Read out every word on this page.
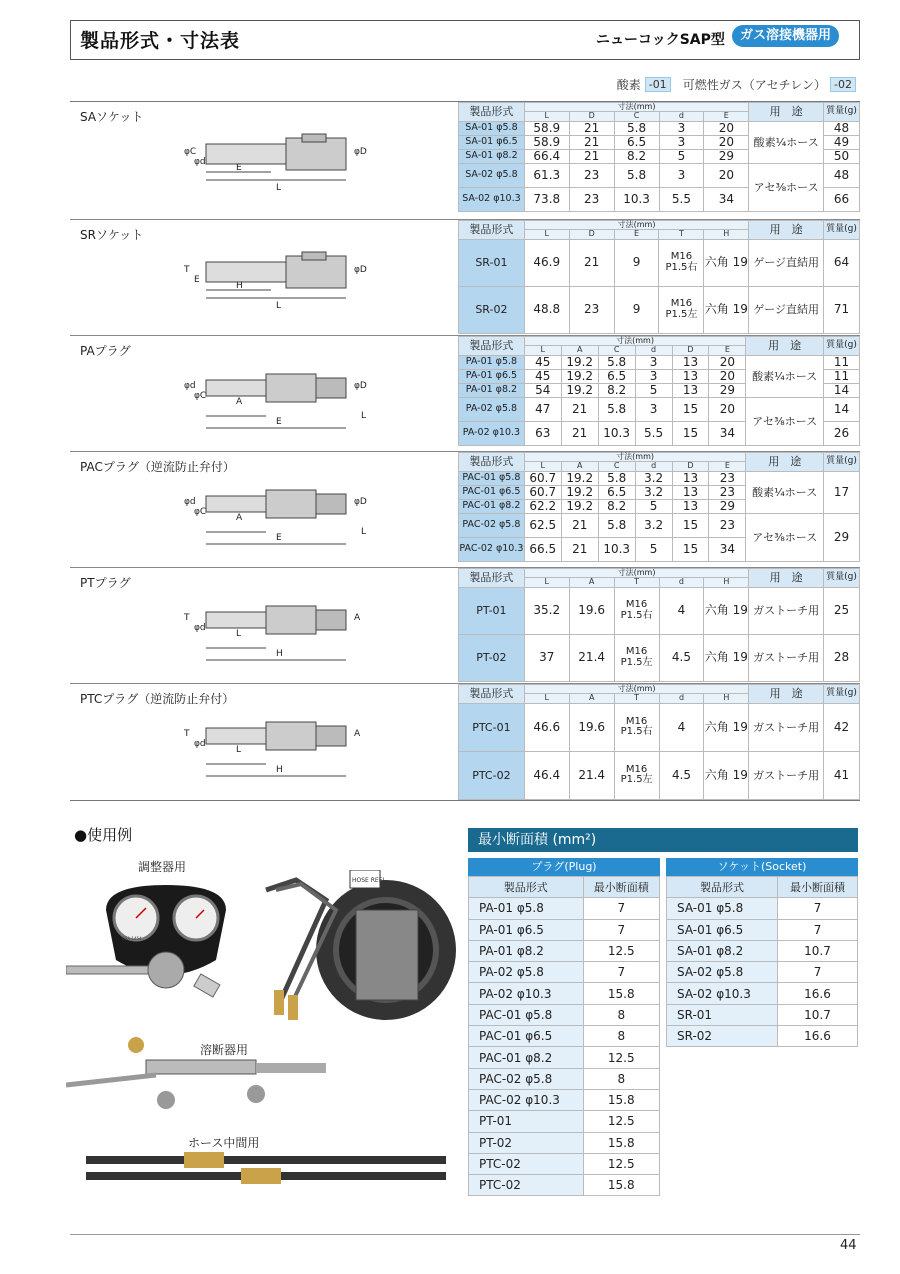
製品形式・寸法表	ニューコックSAP型	ガス溶接機器用
酸素 -01	可燃性ガス（アセチレン） -02
SAソケット
φC
φd
φD
E
L
製品形式	寸法(mm)					用　途	質量(g)
	L	D	C	d	E		
SA-01 φ5.8	58.9	21	5.8	3	20	酸素¹⁄₄ホース	48
SA-01 φ6.5	58.9	21	6.5	3	20		49
SA-01 φ8.2	66.4	21	8.2	5	29		50
SA-02 φ5.8	61.3	23	5.8	3	20	アセ³⁄₈ホース	48
SA-02 φ10.3	73.8	23	10.3	5.5	34		66
SRソケット
T
E
φD
H
L
製品形式	寸法(mm)					用　途	質量(g)
	L	D	E	T	H		
SR-01	46.9	21	9	M16
P1.5右	六角 19	ゲージ直結用	64
SR-02	48.8	23	9	M16
P1.5左	六角 19	ゲージ直結用	71
PAプラグ
φd
φC
φD
A
E
L
製品形式	寸法(mm)						用　途	質量(g)
	L	A	C	d	D	E		
PA-01 φ5.8	45	19.2	5.8	3	13	20	酸素¹⁄₄ホース	11
PA-01 φ6.5	45	19.2	6.5	3	13	20		11
PA-01 φ8.2	54	19.2	8.2	5	13	29		14
PA-02 φ5.8	47	21	5.8	3	15	20	アセ³⁄₈ホース	14
PA-02 φ10.3	63	21	10.3	5.5	15	34		26
PACプラグ（逆流防止弁付）
φd
φC
φD
A
E
L
製品形式	寸法(mm)						用　途	質量(g)
	L	A	C	d	D	E		
PAC-01 φ5.8	60.7	19.2	5.8	3.2	13	23	酸素¹⁄₄ホース	17
PAC-01 φ6.5	60.7	19.2	6.5	3.2	13	23		
PAC-01 φ8.2	62.2	19.2	8.2	5	13	29		
PAC-02 φ5.8	62.5	21	5.8	3.2	15	23	アセ³⁄₈ホース	29
PAC-02 φ10.3	66.5	21	10.3	5	15	34		
PTプラグ
T
φd
A
L
H
製品形式	寸法(mm)					用　途	質量(g)
	L	A	T	d	H		
PT-01	35.2	19.6	M16
P1.5右	4	六角 19	ガストーチ用	25
PT-02	37	21.4	M16
P1.5左	4.5	六角 19	ガストーチ用	28
PTCプラグ（逆流防止弁付）
T
φd
A
L
H
製品形式	寸法(mm)					用　途	質量(g)
	L	A	T	d	H		
PTC-01	46.6	19.6	M16
P1.5右	4	六角 19	ガストーチ用	42
PTC-02	46.4	21.4	M16
P1.5左	4.5	六角 19	ガストーチ用	41
●使用例
調整器用
溶断器用
ホース中間用
CSA 1454
HOSE REEL
最小断面積 (mm²)
プラグ(Plug)
製品形式	最小断面積
PA-01 φ5.8	7
PA-01 φ6.5	7
PA-01 φ8.2	12.5
PA-02 φ5.8	7
PA-02 φ10.3	15.8
PAC-01 φ5.8	8
PAC-01 φ6.5	8
PAC-01 φ8.2	12.5
PAC-02 φ5.8	8
PAC-02 φ10.3	15.8
PT-01	12.5
PT-02	15.8
PTC-02	12.5
PTC-02	15.8
ソケット(Socket)
製品形式	最小断面積
SA-01 φ5.8	7
SA-01 φ6.5	7
SA-01 φ8.2	10.7
SA-02 φ5.8	7
SA-02 φ10.3	16.6
SR-01	10.7
SR-02	16.6
44
